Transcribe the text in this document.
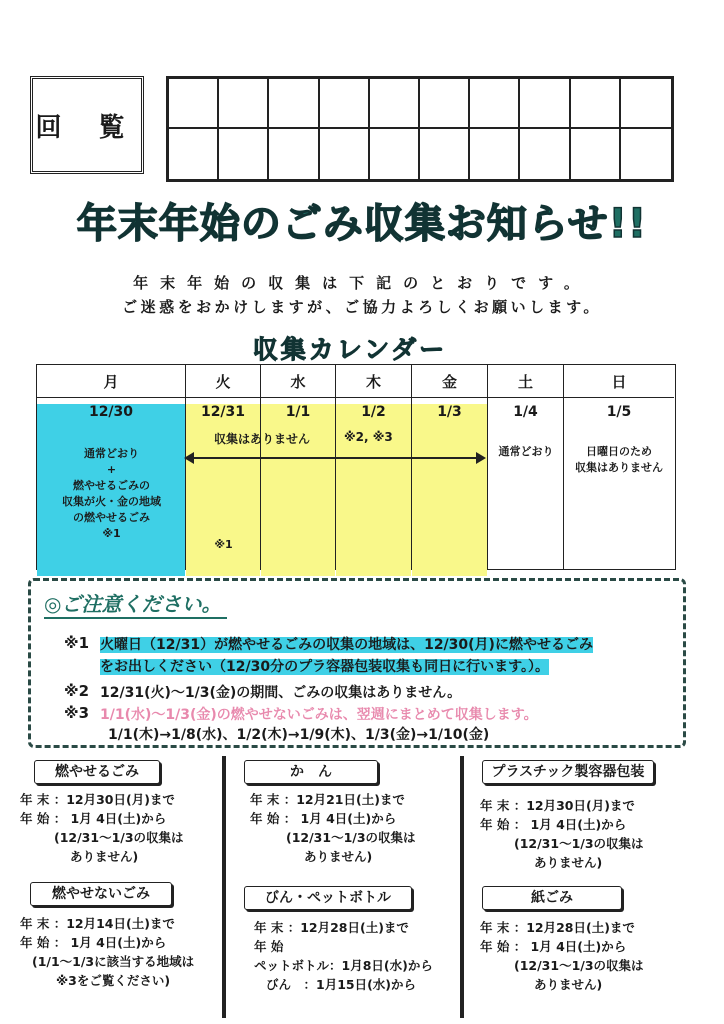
回 覧
年末年始のごみ収集お知らせ!!
年末年始の収集は下記のとおりです。
ご迷惑をおかけしますが、ご協力よろしくお願いします。
収集カレンダー
月
12/30
通常どおり
+
燃やせるごみの
収集が火・金の地域
の燃やせるごみ
※1
火
12/31
※1
水
1/1
木
1/2
金
1/3
土
1/4
通常どおり
日
1/5
日曜日のため
収集はありません
収集はありません	※2, ※3
◎ご注意ください。
※1 火曜日（12/31）が燃やせるごみの収集の地域は、12/30(月)に燃やせるごみ
をお出しください（12/30分のプラ容器包装収集も同日に行います。）。
※2 12/31(火)～1/3(金)の期間、ごみの収集はありません。
※3 1/1(水)～1/3(金)の燃やせないごみは、翌週にまとめて収集します。
1/1(木)→1/8(水)、1/2(木)→1/9(木)、1/3(金)→1/10(金)
燃やせるごみ
年 末 ：12月30日(月)まで
年 始 ： 1月 4日(土)から
(12/31～1/3の収集は
ありません)
か　ん
年 末 ：12月21日(土)まで
年 始 ： 1月 4日(土)から
(12/31～1/3の収集は
ありません)
プラスチック製容器包装
年 末 ：12月30日(月)まで
年 始 ： 1月 4日(土)から
(12/31～1/3の収集は
ありません)
燃やせないごみ
年 末 ：12月14日(土)まで
年 始 ： 1月 4日(土)から
(1/1～1/3に該当する地域は
※3をご覧ください)
びん・ペットボトル
年 末 ：12月28日(土)まで
年 始
ペットボトル：1月8日(水)から
びん　：1月15日(水)から
紙ごみ
年 末 ：12月28日(土)まで
年 始 ： 1月 4日(土)から
(12/31～1/3の収集は
ありません)
